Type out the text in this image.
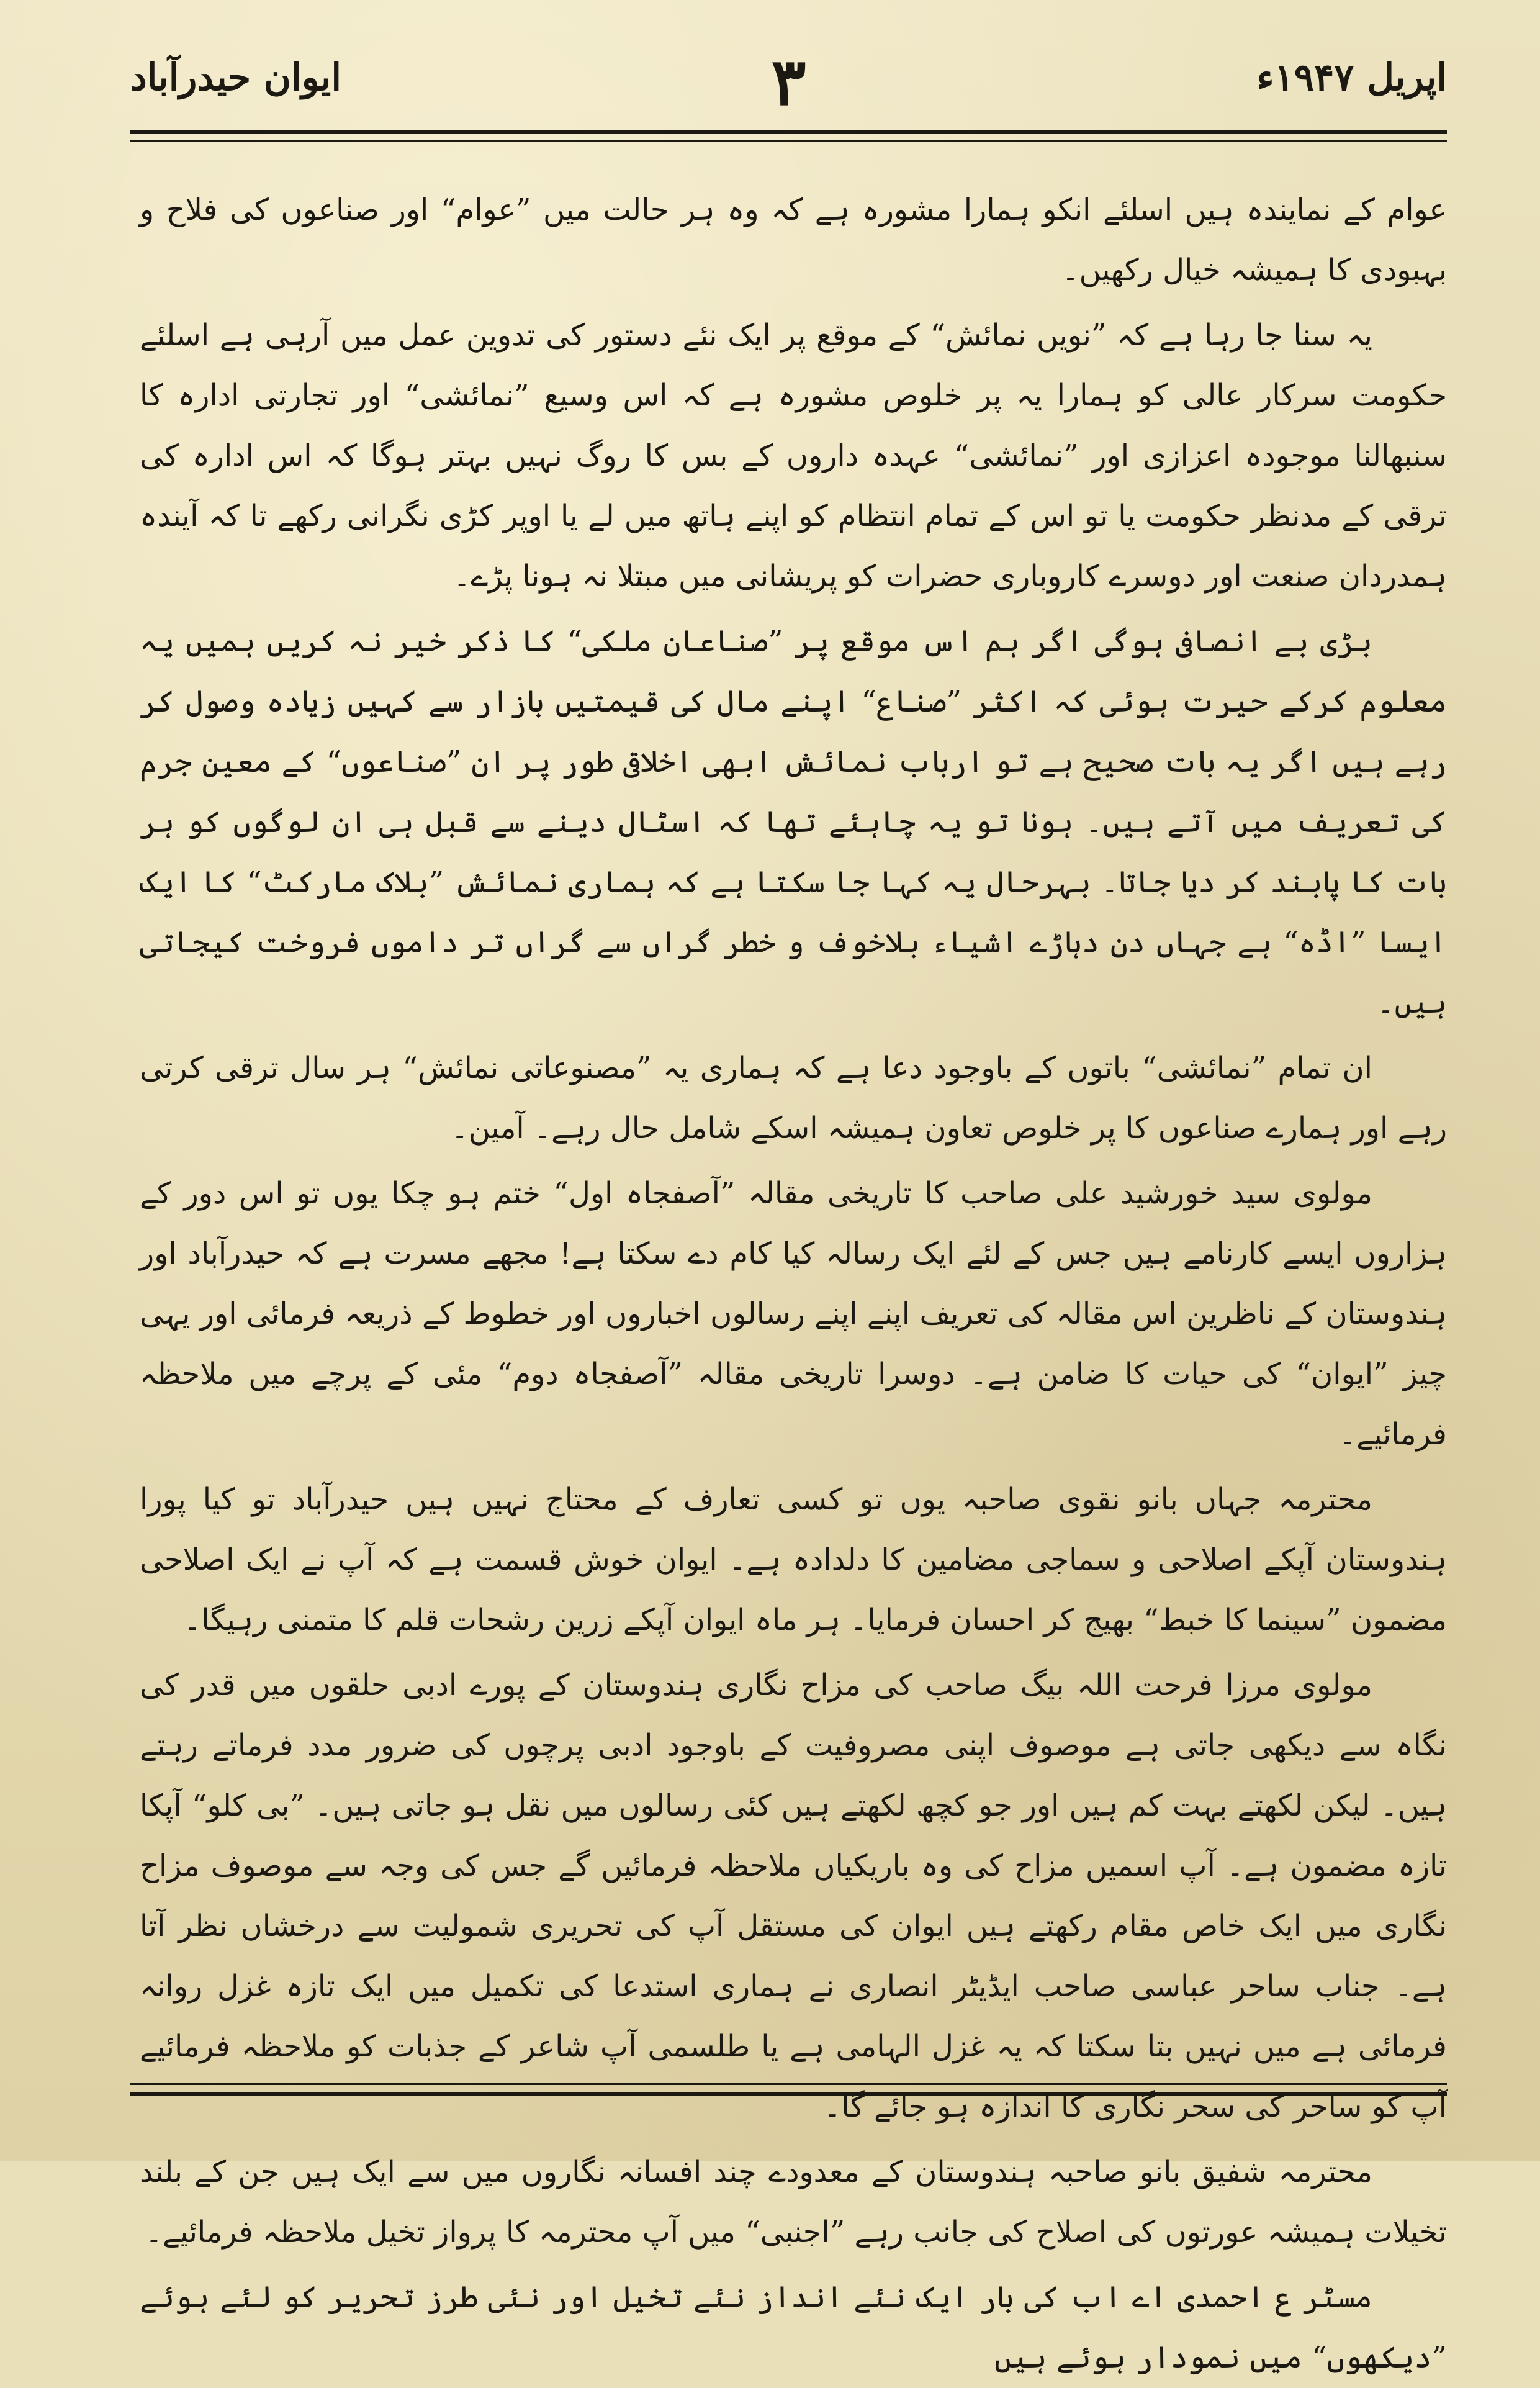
اپریل ۱۹۴۷ء
۳
ایوان حیدرآباد

عوام کے نمایندہ ہیں اسلئے انکو ہمارا مشورہ ہے کہ وہ ہر حالت میں ”عوام“ اور صناعوں کی فلاح و بہبودی کا ہمیشہ خیال رکھیں۔

یہ سنا جا رہا ہے کہ ”نویں نمائش“ کے موقع پر ایک نئے دستور کی تدوین عمل میں آرہی ہے اسلئے حکومت سرکار عالی کو ہمارا یہ پر خلوص مشورہ ہے کہ اس وسیع ”نمائشی“ اور تجارتی ادارہ کا سنبھالنا موجودہ اعزازی اور ”نمائشی“ عہدہ داروں کے بس کا روگ نہیں بہتر ہوگا کہ اس ادارہ کی ترقی کے مدنظر حکومت یا تو اس کے تمام انتظام کو اپنے ہاتھ میں لے یا اوپر کڑی نگرانی رکھے تا کہ آیندہ ہمدردان صنعت اور دوسرے کاروباری حضرات کو پریشانی میں مبتلا نہ ہونا پڑے۔

بڑی بے انصافی ہوگی اگر ہم اس موقع پر ”صناعان ملکی“ کا ذکر خیر نہ کریں ہمیں یہ معلوم کرکے حیرت ہوئی کہ اکثر ”صناع“ اپنے مال کی قیمتیں بازار سے کہیں زیادہ وصول کر رہے ہیں اگر یہ بات صحیح ہے تو ارباب نمائش ابھی اخلاقی طور پر ان ”صناعوں“ کے معین جرم کی تعریف میں آتے ہیں۔ ہونا تو یہ چاہئے تھا کہ اسٹال دینے سے قبل ہی ان لوگوں کو ہر بات کا پابند کر دیا جاتا۔ بہرحال یہ کہا جا سکتا ہے کہ ہماری نمائش ”بلاک مارکٹ“ کا ایک ایسا ”اڈہ“ ہے جہاں دن دہاڑے اشیاء بلاخوف و خطر گراں سے گراں تر داموں فروخت کیجاتی ہیں۔

ان تمام ”نمائشی“ باتوں کے باوجود دعا ہے کہ ہماری یہ ”مصنوعاتی نمائش“ ہر سال ترقی کرتی رہے اور ہمارے صناعوں کا پر خلوص تعاون ہمیشہ اسکے شامل حال رہے۔ آمین۔

مولوی سید خورشید علی صاحب کا تاریخی مقالہ ”آصفجاہ اول“ ختم ہو چکا یوں تو اس دور کے ہزاروں ایسے کارنامے ہیں جس کے لئے ایک رسالہ کیا کام دے سکتا ہے! مجھے مسرت ہے کہ حیدرآباد اور ہندوستان کے ناظرین اس مقالہ کی تعریف اپنے اپنے رسالوں اخباروں اور خطوط کے ذریعہ فرمائی اور یہی چیز ”ایوان“ کی حیات کا ضامن ہے۔ دوسرا تاریخی مقالہ ”آصفجاہ دوم“ مئی کے پرچے میں ملاحظہ فرمائیے۔

محترمہ جہاں بانو نقوی صاحبہ یوں تو کسی تعارف کے محتاج نہیں ہیں حیدرآباد تو کیا پورا ہندوستان آپکے اصلاحی و سماجی مضامین کا دلدادہ ہے۔ ایوان خوش قسمت ہے کہ آپ نے ایک اصلاحی مضمون ”سینما کا خبط“ بھیج کر احسان فرمایا۔ ہر ماہ ایوان آپکے زرین رشحات قلم کا متمنی رہیگا۔

مولوی مرزا فرحت اللہ بیگ صاحب کی مزاح نگاری ہندوستان کے پورے ادبی حلقوں میں قدر کی نگاہ سے دیکھی جاتی ہے موصوف اپنی مصروفیت کے باوجود ادبی پرچوں کی ضرور مدد فرماتے رہتے ہیں۔ لیکن لکھتے بہت کم ہیں اور جو کچھ لکھتے ہیں کئی رسالوں میں نقل ہو جاتی ہیں۔ ”بی کلو“ آپکا تازہ مضمون ہے۔ آپ اسمیں مزاح کی وہ باریکیاں ملاحظہ فرمائیں گے جس کی وجہ سے موصوف مزاح نگاری میں ایک خاص مقام رکھتے ہیں ایوان کی مستقل آپ کی تحریری شمولیت سے درخشاں نظر آتا ہے۔ جناب ساحر عباسی صاحب ایڈیٹر انصاری نے ہماری استدعا کی تکمیل میں ایک تازہ غزل روانہ فرمائی ہے میں نہیں بتا سکتا کہ یہ غزل الہامی ہے یا طلسمی آپ شاعر کے جذبات کو ملاحظہ فرمائیے آپ کو ساحر کی سحر نگاری کا اندازہ ہو جائے گا۔

محترمہ شفیق بانو صاحبہ ہندوستان کے معدودے چند افسانہ نگاروں میں سے ایک ہیں جن کے بلند تخیلات ہمیشہ عورتوں کی اصلاح کی جانب رہے ”اجنبی“ میں آپ محترمہ کا پرواز تخیل ملاحظہ فرمائیے۔

مسٹر ع احمدی اے اب کی بار ایک نئے انداز نئے تخیل اور نئی طرز تحریر کو لئے ہوئے ”دیکھوں“ میں نمودار ہوئے ہیں
